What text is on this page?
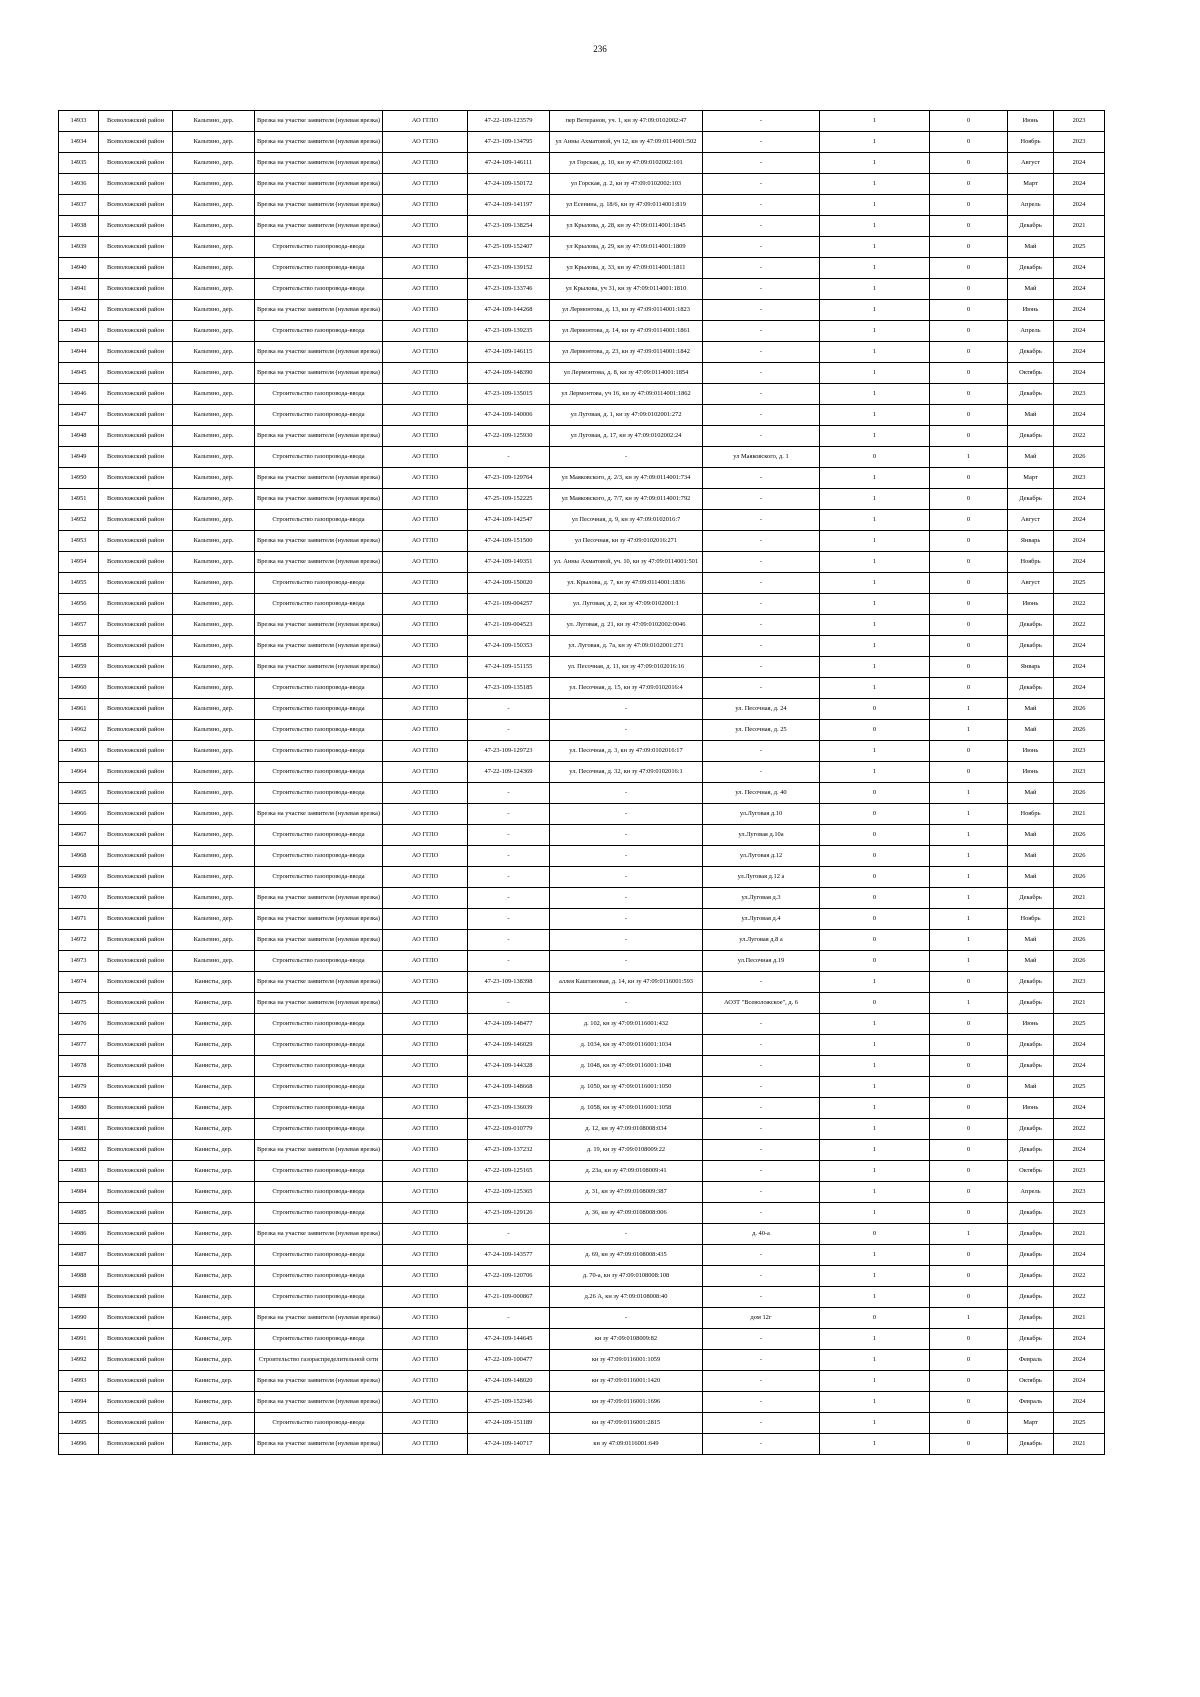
236
14933	Всеволожский район	Кальтино, дер.	Врезка на участке заявителя (нулевая врезка)	АО ГГЛО	47-22-109-123579	пер Ветеранов, уч. 1, кн зу 47:09:0102002:47	-	1	0	Июнь	2023
14934	Всеволожский район	Кальтино, дер.	Врезка на участке заявителя (нулевая врезка)	АО ГГЛО	47-23-109-134795	ул Анны Ахматовой, уч 12, кн зу 47:09:0114001:502	-	1	0	Ноябрь	2023
14935	Всеволожский район	Кальтино, дер.	Врезка на участке заявителя (нулевая врезка)	АО ГГЛО	47-24-109-146111	ул Горская, д. 10, кн зу 47:09:0102002:101	-	1	0	Август	2024
14936	Всеволожский район	Кальтино, дер.	Врезка на участке заявителя (нулевая врезка)	АО ГГЛО	47-24-109-150172	ул Горская, д. 2, кн зу 47:09:0102002:103	-	1	0	Март	2024
14937	Всеволожский район	Кальтино, дер.	Врезка на участке заявителя (нулевая врезка)	АО ГГЛО	47-24-109-141197	ул Есенина, д. 18/6, кн зу 47:09:0114001:819	-	1	0	Апрель	2024
14938	Всеволожский район	Кальтино, дер.	Врезка на участке заявителя (нулевая врезка)	АО ГГЛО	47-23-109-138254	ул Крылова, д. 28, кн зу 47:09:0114001:1845	-	1	0	Декабрь	2021
14939	Всеволожский район	Кальтино, дер.	Строительство газопровода-ввода	АО ГГЛО	47-25-109-152407	ул Крылова, д. 29, кн зу 47:09:0114001:1809	-	1	0	Май	2025
14940	Всеволожский район	Кальтино, дер.	Строительство газопровода-ввода	АО ГГЛО	47-23-109-139152	ул Крылова, д. 33, кн зу 47:09:0114001:1811	-	1	0	Декабрь	2024
14941	Всеволожский район	Кальтино, дер.	Строительство газопровода-ввода	АО ГГЛО	47-23-109-133746	ул Крылова, уч 31, кн зу 47:09:0114001:1810	-	1	0	Май	2024
14942	Всеволожский район	Кальтино, дер.	Врезка на участке заявителя (нулевая врезка)	АО ГГЛО	47-24-109-144268	ул Лермонтова, д. 13, кн зу 47:09:0114001:1823	-	1	0	Июнь	2024
14943	Всеволожский район	Кальтино, дер.	Строительство газопровода-ввода	АО ГГЛО	47-23-109-139235	ул Лермонтова, д. 14, кн зу 47:09:0114001:1861	-	1	0	Апрель	2024
14944	Всеволожский район	Кальтино, дер.	Врезка на участке заявителя (нулевая врезка)	АО ГГЛО	47-24-109-146115	ул Лермонтова, д. 23, кн зу 47:09:0114001:1842	-	1	0	Декабрь	2024
14945	Всеволожский район	Кальтино, дер.	Врезка на участке заявителя (нулевая врезка)	АО ГГЛО	47-24-109-148390	ул Лермонтова, д. 8, кн зу 47:09:0114001:1854	-	1	0	Октябрь	2024
14946	Всеволожский район	Кальтино, дер.	Строительство газопровода-ввода	АО ГГЛО	47-23-109-135015	ул Лермонтова, уч 16, кн зу 47:09:0114001:1862	-	1	0	Декабрь	2023
14947	Всеволожский район	Кальтино, дер.	Строительство газопровода-ввода	АО ГГЛО	47-24-109-140006	ул Луговая, д. 1, кн зу 47:09:0102001:272	-	1	0	Май	2024
14948	Всеволожский район	Кальтино, дер.	Врезка на участке заявителя (нулевая врезка)	АО ГГЛО	47-22-109-125930	ул Луговая, д. 17, кн зу 47:09:0102002:24	-	1	0	Декабрь	2022
14949	Всеволожский район	Кальтино, дер.	Строительство газопровода-ввода	АО ГГЛО	-	-	ул Маяковского, д. 1	0	1	Май	2026
14950	Всеволожский район	Кальтино, дер.	Врезка на участке заявителя (нулевая врезка)	АО ГГЛО	47-23-109-129764	ул Маяковского, д. 2/3, кн зу 47:09:0114001:734	-	1	0	Март	2023
14951	Всеволожский район	Кальтино, дер.	Врезка на участке заявителя (нулевая врезка)	АО ГГЛО	47-25-109-152225	ул Маяковского, д. 7/7, кн зу 47:09:0114001:792	-	1	0	Декабрь	2024
14952	Всеволожский район	Кальтино, дер.	Строительство газопровода-ввода	АО ГГЛО	47-24-109-142547	ул Песочная, д. 9, кн зу 47:09:0102016:7	-	1	0	Август	2024
14953	Всеволожский район	Кальтино, дер.	Врезка на участке заявителя (нулевая врезка)	АО ГГЛО	47-24-109-151500	ул Песочная, кн зу 47:09:0102016:271	-	1	0	Январь	2024
14954	Всеволожский район	Кальтино, дер.	Врезка на участке заявителя (нулевая врезка)	АО ГГЛО	47-24-109-149351	ул. Анны Ахматовой, уч. 10, кн зу 47:09:0114001:501	-	1	0	Ноябрь	2024
14955	Всеволожский район	Кальтино, дер.	Строительство газопровода-ввода	АО ГГЛО	47-24-109-150020	ул. Крылова, д. 7, кн зу 47:09:0114001:1836	-	1	0	Август	2025
14956	Всеволожский район	Кальтино, дер.	Строительство газопровода-ввода	АО ГГЛО	47-21-109-004257	ул. Луговая, д. 2, кн зу 47:09:0102001:1	-	1	0	Июнь	2022
14957	Всеволожский район	Кальтино, дер.	Врезка на участке заявителя (нулевая врезка)	АО ГГЛО	47-21-109-004523	ул. Луговая, д. 21, кн зу 47:09:0102002:0046	-	1	0	Декабрь	2022
14958	Всеволожский район	Кальтино, дер.	Врезка на участке заявителя (нулевая врезка)	АО ГГЛО	47-24-109-150353	ул. Луговая, д. 7а, кн зу 47:09:0102001:271	-	1	0	Декабрь	2024
14959	Всеволожский район	Кальтино, дер.	Врезка на участке заявителя (нулевая врезка)	АО ГГЛО	47-24-109-151155	ул. Песочная, д. 11, кн зу 47:09:0102016:16	-	1	0	Январь	2024
14960	Всеволожский район	Кальтино, дер.	Строительство газопровода-ввода	АО ГГЛО	47-23-109-135185	ул. Песочная, д. 15, кн зу 47:09:0102016:4	-	1	0	Декабрь	2024
14961	Всеволожский район	Кальтино, дер.	Строительство газопровода-ввода	АО ГГЛО	-	-	ул. Песочная, д. 24	0	1	Май	2026
14962	Всеволожский район	Кальтино, дер.	Строительство газопровода-ввода	АО ГГЛО	-	-	ул. Песочная, д. 25	0	1	Май	2026
14963	Всеволожский район	Кальтино, дер.	Строительство газопровода-ввода	АО ГГЛО	47-23-109-129723	ул. Песочная, д. 3, кн зу 47:09:0102016:17	-	1	0	Июнь	2023
14964	Всеволожский район	Кальтино, дер.	Строительство газопровода-ввода	АО ГГЛО	47-22-109-124369	ул. Песочная, д. 32, кн зу 47:09:0102016:1	-	1	0	Июнь	2023
14965	Всеволожский район	Кальтино, дер.	Строительство газопровода-ввода	АО ГГЛО	-	-	ул. Песочная, д. 40	0	1	Май	2026
14966	Всеволожский район	Кальтино, дер.	Врезка на участке заявителя (нулевая врезка)	АО ГГЛО	-	-	ул.Луговая д.10	0	1	Ноябрь	2021
14967	Всеволожский район	Кальтино, дер.	Строительство газопровода-ввода	АО ГГЛО	-	-	ул.Луговая д.10а	0	1	Май	2026
14968	Всеволожский район	Кальтино, дер.	Строительство газопровода-ввода	АО ГГЛО	-	-	ул.Луговая д.12	0	1	Май	2026
14969	Всеволожский район	Кальтино, дер.	Строительство газопровода-ввода	АО ГГЛО	-	-	ул.Луговая д.12 а	0	1	Май	2026
14970	Всеволожский район	Кальтино, дер.	Врезка на участке заявителя (нулевая врезка)	АО ГГЛО	-	-	ул.Луговая д.3	0	1	Декабрь	2021
14971	Всеволожский район	Кальтино, дер.	Врезка на участке заявителя (нулевая врезка)	АО ГГЛО	-	-	ул.Луговая д.4	0	1	Ноябрь	2021
14972	Всеволожский район	Кальтино, дер.	Врезка на участке заявителя (нулевая врезка)	АО ГГЛО	-	-	ул.Луговая д.8 а	0	1	Май	2026
14973	Всеволожский район	Кальтино, дер.	Строительство газопровода-ввода	АО ГГЛО	-	-	ул.Песочная д.19	0	1	Май	2026
14974	Всеволожский район	Канисты, дер.	Врезка на участке заявителя (нулевая врезка)	АО ГГЛО	47-23-109-138398	аллея Каштановая, д. 14, кн зу 47:09:0116001:593	-	1	0	Декабрь	2023
14975	Всеволожский район	Канисты, дер.	Врезка на участке заявителя (нулевая врезка)	АО ГГЛО	-	-	АОЗТ "Всеволожское", д. 6	0	1	Декабрь	2021
14976	Всеволожский район	Канисты, дер.	Строительство газопровода-ввода	АО ГГЛО	47-24-109-148477	д. 102, кн зу 47:09:0116001:432	-	1	0	Июнь	2025
14977	Всеволожский район	Канисты, дер.	Строительство газопровода-ввода	АО ГГЛО	47-24-109-146029	д. 1034, кн зу 47:09:0116001:1034	-	1	0	Декабрь	2024
14978	Всеволожский район	Канисты, дер.	Строительство газопровода-ввода	АО ГГЛО	47-24-109-144328	д. 1048, кн зу 47:09:0116001:1048	-	1	0	Декабрь	2024
14979	Всеволожский район	Канисты, дер.	Строительство газопровода-ввода	АО ГГЛО	47-24-109-148668	д. 1050, кн зу 47:09:0116001:1050	-	1	0	Май	2025
14980	Всеволожский район	Канисты, дер.	Строительство газопровода-ввода	АО ГГЛО	47-23-109-136039	д. 1058, кн зу 47:09:0116001:1058	-	1	0	Июнь	2024
14981	Всеволожский район	Канисты, дер.	Строительство газопровода-ввода	АО ГГЛО	47-22-109-010779	д. 12, кн зу 47:09:0108008:034	-	1	0	Декабрь	2022
14982	Всеволожский район	Канисты, дер.	Врезка на участке заявителя (нулевая врезка)	АО ГГЛО	47-23-109-137232	д. 19, кн зу 47:09:0108009:22	-	1	0	Декабрь	2024
14983	Всеволожский район	Канисты, дер.	Строительство газопровода-ввода	АО ГГЛО	47-22-109-125165	д. 23а, кн зу 47:09:0108009:41	-	1	0	Октябрь	2023
14984	Всеволожский район	Канисты, дер.	Строительство газопровода-ввода	АО ГГЛО	47-22-109-125365	д. 31, кн зу 47:09:0108009:387	-	1	0	Апрель	2023
14985	Всеволожский район	Канисты, дер.	Строительство газопровода-ввода	АО ГГЛО	47-23-109-129126	д. 36, кн зу 47:09:0108008:006	-	1	0	Декабрь	2023
14986	Всеволожский район	Канисты, дер.	Врезка на участке заявителя (нулевая врезка)	АО ГГЛО	-	-	д. 40-а	0	1	Декабрь	2021
14987	Всеволожский район	Канисты, дер.	Строительство газопровода-ввода	АО ГГЛО	47-24-109-143577	д. 69, кн зу 47:09:0108008:435	-	1	0	Декабрь	2024
14988	Всеволожский район	Канисты, дер.	Строительство газопровода-ввода	АО ГГЛО	47-22-109-120706	д. 70-а, кн зу 47:09:0108008:108	-	1	0	Декабрь	2022
14989	Всеволожский район	Канисты, дер.	Строительство газопровода-ввода	АО ГГЛО	47-21-109-000867	д.26 А, кн зу 47:09:0108008:40	-	1	0	Декабрь	2022
14990	Всеволожский район	Канисты, дер.	Врезка на участке заявителя (нулевая врезка)	АО ГГЛО	-	-	дом 12г	0	1	Декабрь	2021
14991	Всеволожский район	Канисты, дер.	Строительство газопровода-ввода	АО ГГЛО	47-24-109-144645	кн зу 47:09:0108009:82	-	1	0	Декабрь	2024
14992	Всеволожский район	Канисты, дер.	Строительство газораспределительной сети	АО ГГЛО	47-22-109-100477	кн зу 47:09:0116001:1059	-	1	0	Февраль	2024
14993	Всеволожский район	Канисты, дер.	Врезка на участке заявителя (нулевая врезка)	АО ГГЛО	47-24-109-148020	кн зу 47:09:0116001:1420	-	1	0	Октябрь	2024
14994	Всеволожский район	Канисты, дер.	Врезка на участке заявителя (нулевая врезка)	АО ГГЛО	47-25-109-152346	кн зу 47:09:0116001:1696	-	1	0	Февраль	2024
14995	Всеволожский район	Канисты, дер.	Строительство газопровода-ввода	АО ГГЛО	47-24-109-151189	кн зу 47:09:0116001:2815	-	1	0	Март	2025
14996	Всеволожский район	Канисты, дер.	Врезка на участке заявителя (нулевая врезка)	АО ГГЛО	47-24-109-140717	кн зу 47:09:0116001:649	-	1	0	Декабрь	2021
